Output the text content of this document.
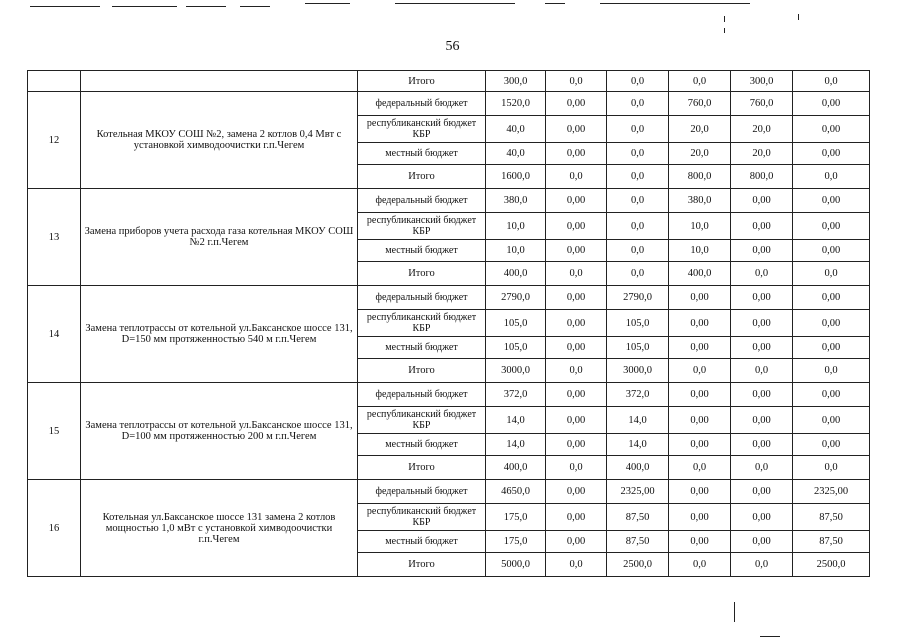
56
		Итого	300,0	0,0	0,0	0,0	300,0	0,0
12	Котельная МКОУ СОШ №2, замена 2 котлов 0,4 Мвт с установкой химводоочистки г.п.Чегем	федеральный бюджет	1520,0	0,00	0,0	760,0	760,0	0,00
		республиканский бюджет КБР	40,0	0,00	0,0	20,0	20,0	0,00
		местный бюджет	40,0	0,00	0,0	20,0	20,0	0,00
		Итого	1600,0	0,0	0,0	800,0	800,0	0,0
13	Замена приборов учета расхода газа котельная МКОУ СОШ №2 г.п.Чегем	федеральный бюджет	380,0	0,00	0,0	380,0	0,00	0,00
		республиканский бюджет КБР	10,0	0,00	0,0	10,0	0,00	0,00
		местный бюджет	10,0	0,00	0,0	10,0	0,00	0,00
		Итого	400,0	0,0	0,0	400,0	0,0	0,0
14	Замена теплотрассы от котельной ул.Баксанское шоссе 131, D=150 мм протяженностью 540 м г.п.Чегем	федеральный бюджет	2790,0	0,00	2790,0	0,00	0,00	0,00
		республиканский бюджет КБР	105,0	0,00	105,0	0,00	0,00	0,00
		местный бюджет	105,0	0,00	105,0	0,00	0,00	0,00
		Итого	3000,0	0,0	3000,0	0,0	0,0	0,0
15	Замена теплотрассы от котельной ул.Баксанское шоссе 131, D=100 мм протяженностью 200 м г.п.Чегем	федеральный бюджет	372,0	0,00	372,0	0,00	0,00	0,00
		республиканский бюджет КБР	14,0	0,00	14,0	0,00	0,00	0,00
		местный бюджет	14,0	0,00	14,0	0,00	0,00	0,00
		Итого	400,0	0,0	400,0	0,0	0,0	0,0
16	Котельная ул.Баксанское шоссе 131 замена 2 котлов мощностью 1,0 мВт с установкой химводоочистки г.п.Чегем	федеральный бюджет	4650,0	0,00	2325,00	0,00	0,00	2325,00
		республиканский бюджет КБР	175,0	0,00	87,50	0,00	0,00	87,50
		местный бюджет	175,0	0,00	87,50	0,00	0,00	87,50
		Итого	5000,0	0,0	2500,0	0,0	0,0	2500,0
